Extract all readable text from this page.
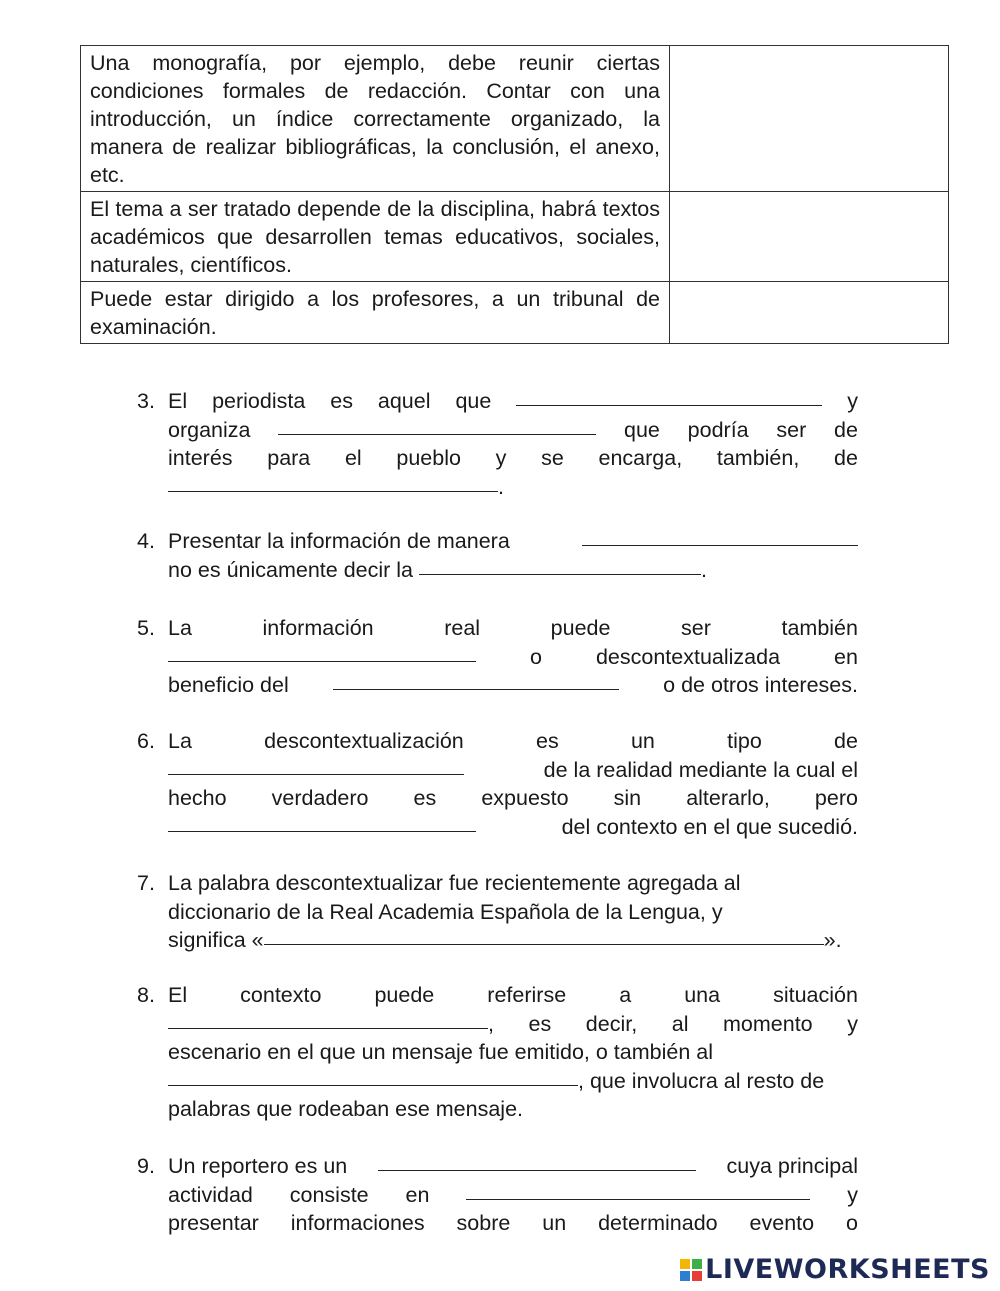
Una monografía, por ejemplo, debe reunir ciertas condiciones formales de redacción. Contar con una introducción, un índice correctamente organizado, la manera de realizar bibliográficas, la conclusión, el anexo, etc.	
El tema a ser tratado depende de la disciplina, habrá textos académicos que desarrollen temas educativos, sociales, naturales, científicos.	
Puede estar dirigido a los profesores, a un tribunal de examinación.	
3. El periodista es aquel que	y
organiza	que podría ser de
interés para el pueblo y se encarga, también, de
.
4. Presentar la información de manera
no es únicamente decir la	.
5. La	información	real	puede	ser	también
o	descontextualizada	en
beneficio del	o de otros intereses.
6. La	descontextualización	es	un	tipo	de
de la realidad mediante la cual el
hecho verdadero es expuesto sin alterarlo, pero
del contexto en el que sucedió.
7. La palabra descontextualizar fue recientemente agregada al
diccionario de la Real Academia Española de la Lengua, y
significa «	».
8. El contexto puede referirse a una situación
, es decir, al momento y
escenario en el que un mensaje fue emitido, o también al
, que involucra al resto de
palabras que rodeaban ese mensaje.
9. Un reportero es un	cuya principal
actividad consiste en	y
presentar informaciones sobre un determinado evento o
LIVEWORKSHEETS
